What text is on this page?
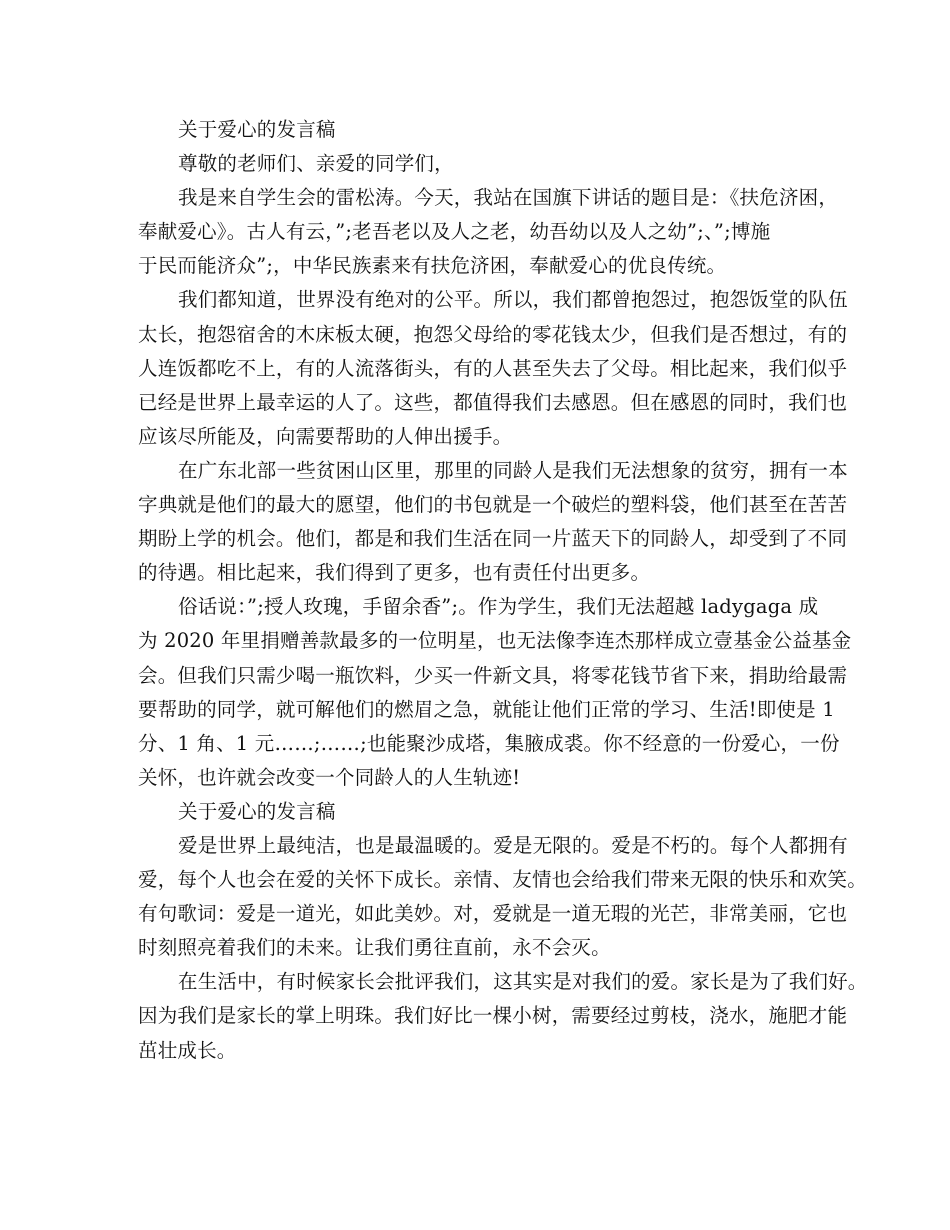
关于爱心的发言稿
尊敬的老师们、亲爱的同学们，
我是来自学生会的雷松涛。今天，我站在国旗下讲话的题目是：《扶危济困，
奉献爱心》。古人有云，”;老吾老以及人之老，幼吾幼以及人之幼”;、”;博施
于民而能济众”;，中华民族素来有扶危济困，奉献爱心的优良传统。
我们都知道，世界没有绝对的公平。所以，我们都曾抱怨过，抱怨饭堂的队伍
太长，抱怨宿舍的木床板太硬，抱怨父母给的零花钱太少，但我们是否想过，有的
人连饭都吃不上，有的人流落街头，有的人甚至失去了父母。相比起来，我们似乎
已经是世界上最幸运的人了。这些，都值得我们去感恩。但在感恩的同时，我们也
应该尽所能及，向需要帮助的人伸出援手。
在广东北部一些贫困山区里，那里的同龄人是我们无法想象的贫穷，拥有一本
字典就是他们的最大的愿望，他们的书包就是一个破烂的塑料袋，他们甚至在苦苦
期盼上学的机会。他们，都是和我们生活在同一片蓝天下的同龄人，却受到了不同
的待遇。相比起来，我们得到了更多，也有责任付出更多。
俗话说：”;授人玫瑰，手留余香”;。作为学生，我们无法超越 ladygaga 成
为 2020 年里捐赠善款最多的一位明星，也无法像李连杰那样成立壹基金公益基金
会。但我们只需少喝一瓶饮料，少买一件新文具，将零花钱节省下来，捐助给最需
要帮助的同学，就可解他们的燃眉之急，就能让他们正常的学习、生活!即使是 1
分、1 角、1 元……;……;也能聚沙成塔，集腋成裘。你不经意的一份爱心，一份
关怀，也许就会改变一个同龄人的人生轨迹!
关于爱心的发言稿
爱是世界上最纯洁，也是最温暖的。爱是无限的。爱是不朽的。每个人都拥有
爱，每个人也会在爱的关怀下成长。亲情、友情也会给我们带来无限的快乐和欢笑。
有句歌词：爱是一道光，如此美妙。对，爱就是一道无瑕的光芒，非常美丽，它也
时刻照亮着我们的未来。让我们勇往直前，永不会灭。
在生活中，有时候家长会批评我们，这其实是对我们的爱。家长是为了我们好。
因为我们是家长的掌上明珠。我们好比一棵小树，需要经过剪枝，浇水，施肥才能
茁壮成长。
